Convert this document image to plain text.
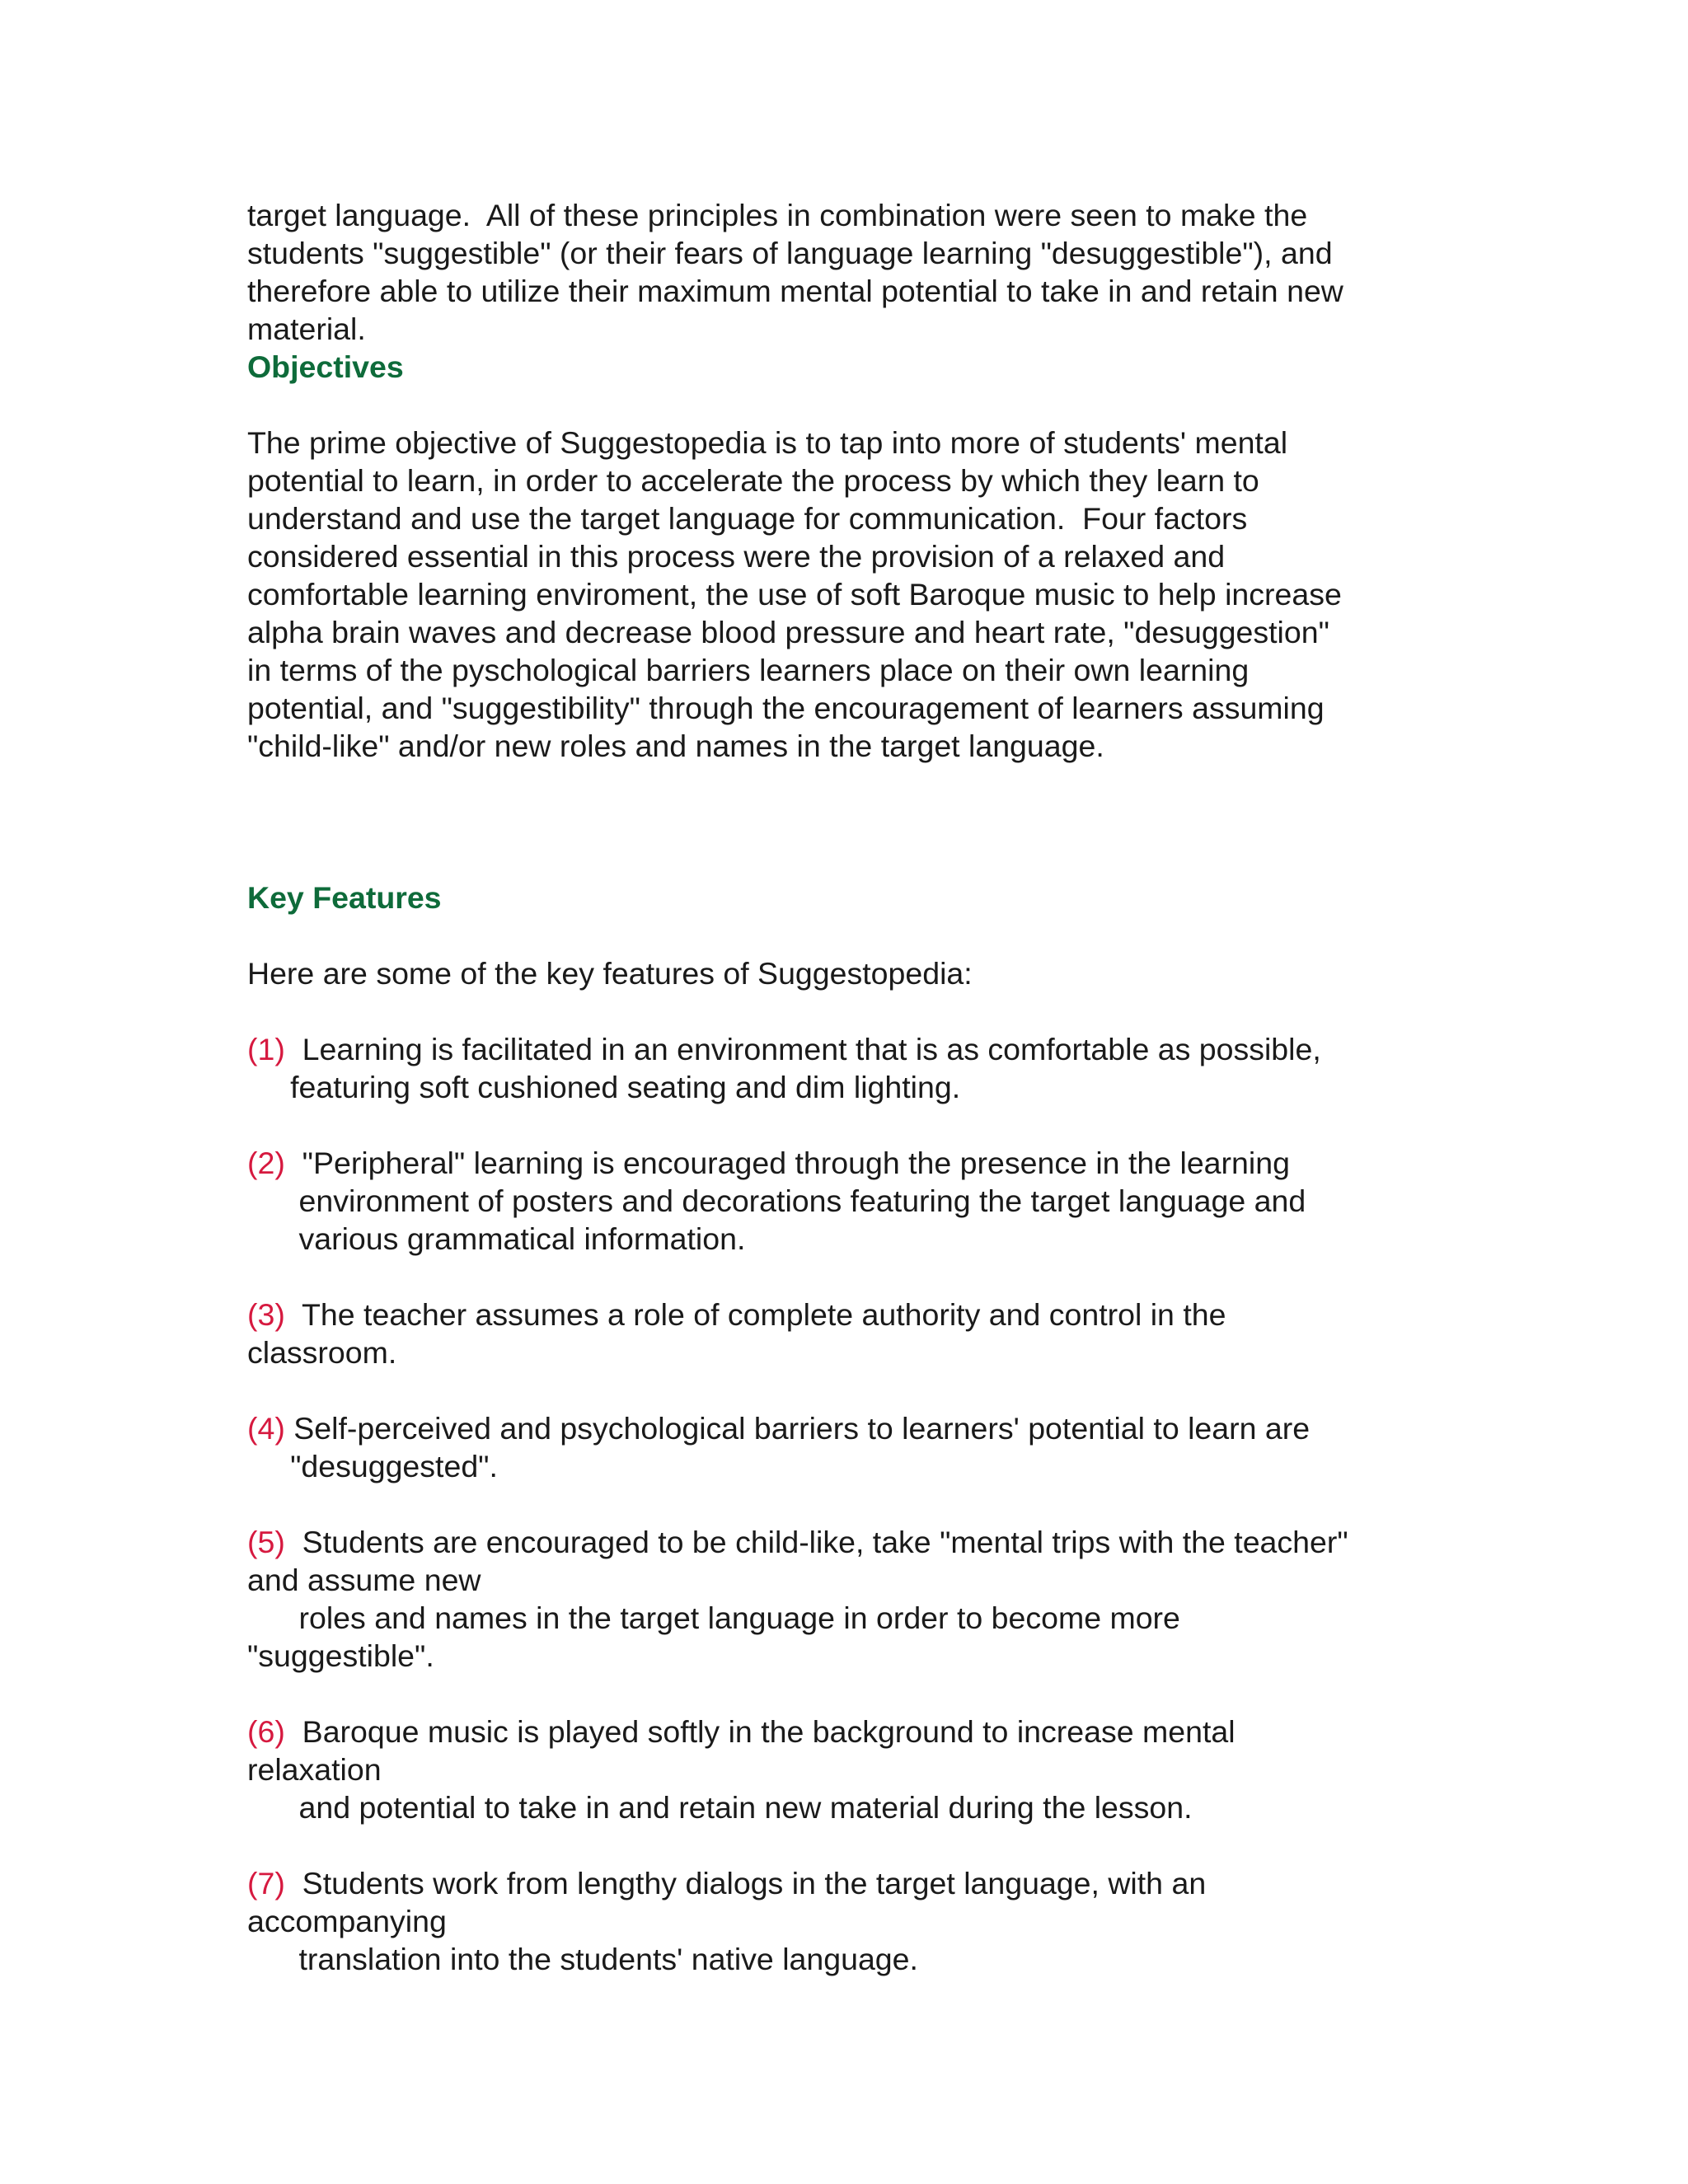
target language.  All of these principles in combination were seen to make the
students "suggestible" (or their fears of language learning "desuggestible"), and
therefore able to utilize their maximum mental potential to take in and retain new
material.
Objectives
The prime objective of Suggestopedia is to tap into more of students' mental
potential to learn, in order to accelerate the process by which they learn to
understand and use the target language for communication.  Four factors
considered essential in this process were the provision of a relaxed and
comfortable learning enviroment, the use of soft Baroque music to help increase
alpha brain waves and decrease blood pressure and heart rate, "desuggestion"
in terms of the pyschological barriers learners place on their own learning
potential, and "suggestibility" through the encouragement of learners assuming
"child-like" and/or new roles and names in the target language.
Key Features
Here are some of the key features of Suggestopedia:
(1)  Learning is facilitated in an environment that is as comfortable as possible,
featuring soft cushioned seating and dim lighting.
(2)  "Peripheral" learning is encouraged through the presence in the learning
environment of posters and decorations featuring the target language and
various grammatical information.
(3)  The teacher assumes a role of complete authority and control in the
classroom.
(4) Self-perceived and psychological barriers to learners' potential to learn are
"desuggested".
(5)  Students are encouraged to be child-like, take "mental trips with the teacher"
and assume new
roles and names in the target language in order to become more
"suggestible".
(6)  Baroque music is played softly in the background to increase mental
relaxation
and potential to take in and retain new material during the lesson.
(7)  Students work from lengthy dialogs in the target language, with an
accompanying
translation into the students' native language.
